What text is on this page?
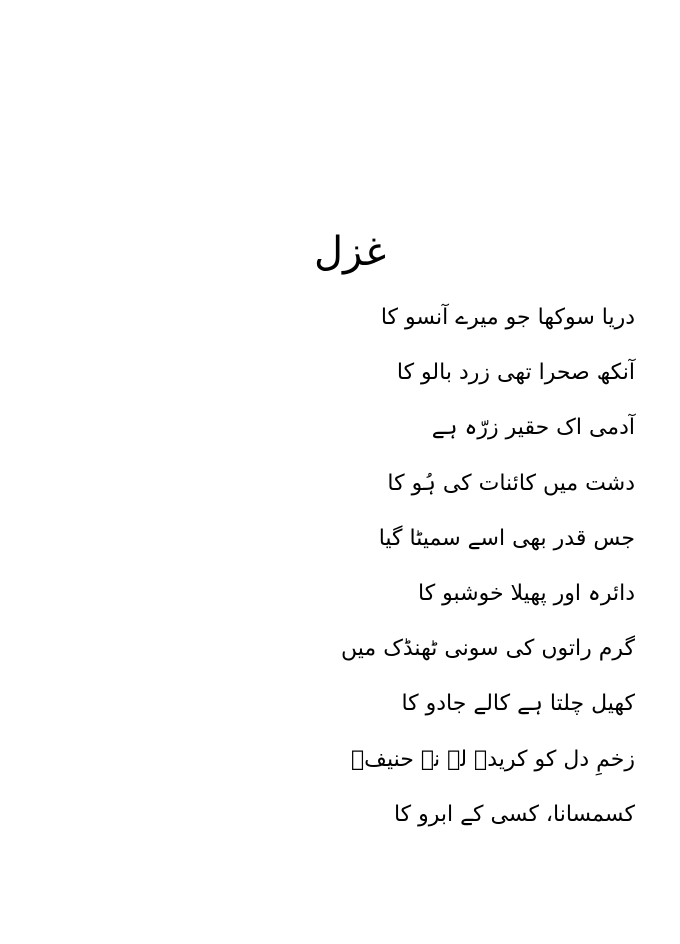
غزل
دریا سوکھا جو میرے آنسو کا
آنکھ صحرا تھی زرد بالو کا
آدمی اک حقیر زرّہ ہے
دشت میں کائنات کی ہُو کا
جس قدر بھی اسے سمیٹا گیا
دائرہ اور پھیلا خوشبو کا
گرم راتوں کی سونی ٹھنڈک میں
کھیل چلتا ہے کالے جادو کا
زخمِ دل کو کریدے لے نہ حنیفؔ
کسمسانا، کسی کے ابرو کا
